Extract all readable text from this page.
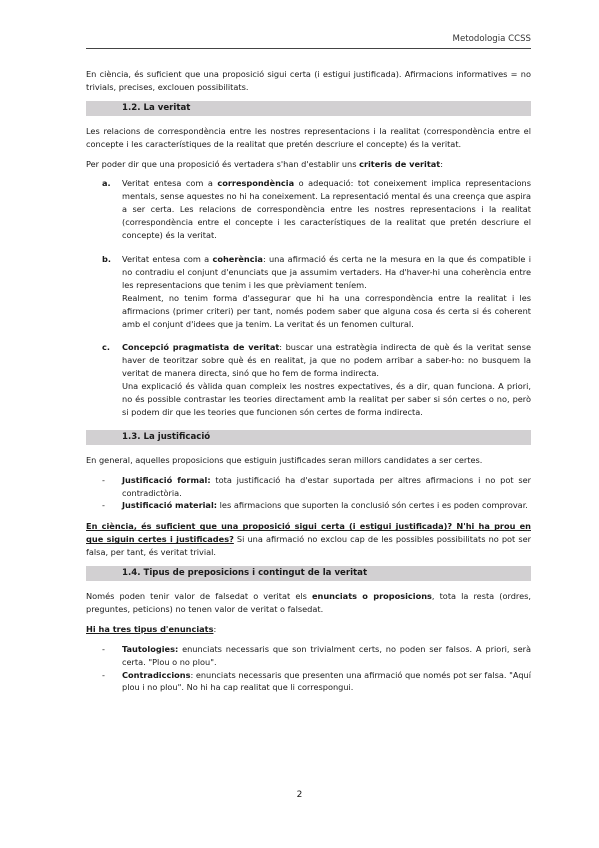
Metodologia CCSS

En ciència, és suficient que una proposició sigui certa (i estigui justificada). Afirmacions informatives = no trivials, precises, exclouen possibilitats.

1.2. La veritat

Les relacions de correspondència entre les nostres representacions i la realitat (correspondència entre el concepte i les característiques de la realitat que pretén descriure el concepte) és la veritat.

Per poder dir que una proposició és vertadera s'han d'establir uns criteris de veritat:

a. Veritat entesa com a correspondència o adequació: tot coneixement implica representacions mentals, sense aquestes no hi ha coneixement. La representació mental és una creença que aspira a ser certa. Les relacions de correspondència entre les nostres representacions i la realitat (correspondència entre el concepte i les característiques de la realitat que pretén descriure el concepte) és la veritat.
b. Veritat entesa com a coherència: una afirmació és certa ne la mesura en la que és compatible i no contradiu el conjunt d'enunciats que ja assumim vertaders. Ha d'haver-hi una coherència entre les representacions que tenim i les que prèviament teníem.
Realment, no tenim forma d'assegurar que hi ha una correspondència entre la realitat i les afirmacions (primer criteri) per tant, només podem saber que alguna cosa és certa si és coherent amb el conjunt d'idees que ja tenim. La veritat és un fenomen cultural.
c. Concepció pragmatista de veritat: buscar una estratègia indirecta de què és la veritat sense haver de teoritzar sobre què és en realitat, ja que no podem arribar a saber-ho: no busquem la veritat de manera directa, sinó que ho fem de forma indirecta.
Una explicació és vàlida quan compleix les nostres expectatives, és a dir, quan funciona. A priori, no és possible contrastar les teories directament amb la realitat per saber si són certes o no, però si podem dir que les teories que funcionen són certes de forma indirecta.
1.3. La justificació

En general, aquelles proposicions que estiguin justificades seran millors candidates a ser certes.

- Justificació formal: tota justificació ha d'estar suportada per altres afirmacions i no pot ser contradictòria.
- Justificació material: les afirmacions que suporten la conclusió són certes i es poden comprovar.

En ciència, és suficient que una proposició sigui certa (i estigui justificada)? N'hi ha prou en que siguin certes i justificades? Si una afirmació no exclou cap de les possibles possibilitats no pot ser falsa, per tant, és veritat trivial.

1.4. Tipus de preposicions i contingut de la veritat

Només poden tenir valor de falsedat o veritat els enunciats o proposicions, tota la resta (ordres, preguntes, peticions) no tenen valor de veritat o falsedat.

Hi ha tres tipus d'enunciats:

- Tautologies: enunciats necessaris que son trivialment certs, no poden ser falsos. A priori, serà certa. "Plou o no plou".
- Contradiccions: enunciats necessaris que presenten una afirmació que només pot ser falsa. "Aquí plou i no plou". No hi ha cap realitat que li correspongui.
2
